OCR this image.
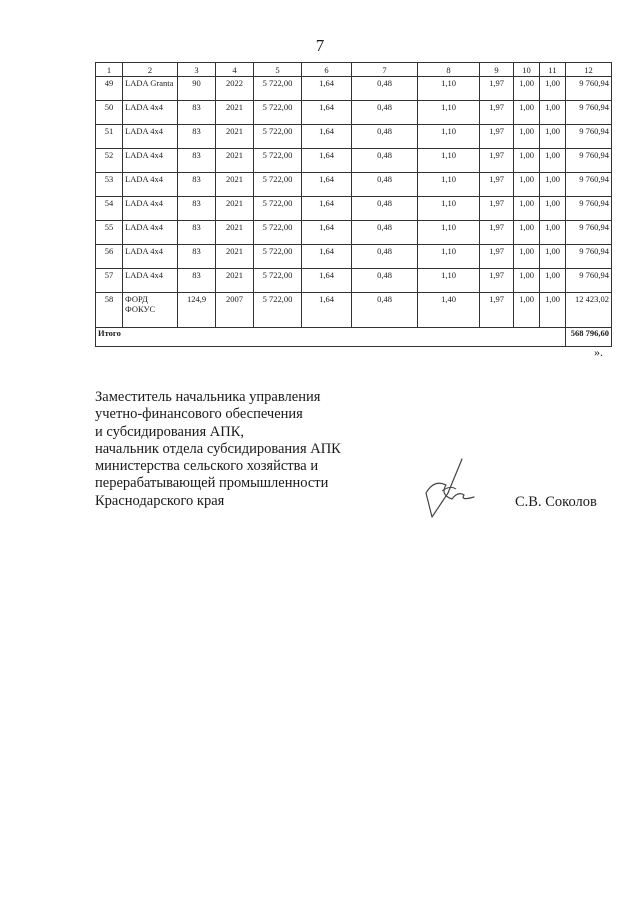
7
1	2	3	4	5	6	7	8	9	10	11	12
49	LADA Granta	90	2022	5 722,00	1,64	0,48	1,10	1,97	1,00	1,00	9 760,94
50	LADA 4x4	83	2021	5 722,00	1,64	0,48	1,10	1,97	1,00	1,00	9 760,94
51	LADA 4x4	83	2021	5 722,00	1,64	0,48	1,10	1,97	1,00	1,00	9 760,94
52	LADA 4x4	83	2021	5 722,00	1,64	0,48	1,10	1,97	1,00	1,00	9 760,94
53	LADA 4x4	83	2021	5 722,00	1,64	0,48	1,10	1,97	1,00	1,00	9 760,94
54	LADA 4x4	83	2021	5 722,00	1,64	0,48	1,10	1,97	1,00	1,00	9 760,94
55	LADA 4x4	83	2021	5 722,00	1,64	0,48	1,10	1,97	1,00	1,00	9 760,94
56	LADA 4x4	83	2021	5 722,00	1,64	0,48	1,10	1,97	1,00	1,00	9 760,94
57	LADA 4x4	83	2021	5 722,00	1,64	0,48	1,10	1,97	1,00	1,00	9 760,94
58	ФОРД ФОКУС	124,9	2007	5 722,00	1,64	0,48	1,40	1,97	1,00	1,00	12 423,02
Итого											568 796,60
».
Заместитель начальника управления
учетно-финансового обеспечения
и субсидирования АПК,
начальник отдела субсидирования АПК
министерства сельского хозяйства и
перерабатывающей промышленности
Краснодарского края	С.В. Соколов
